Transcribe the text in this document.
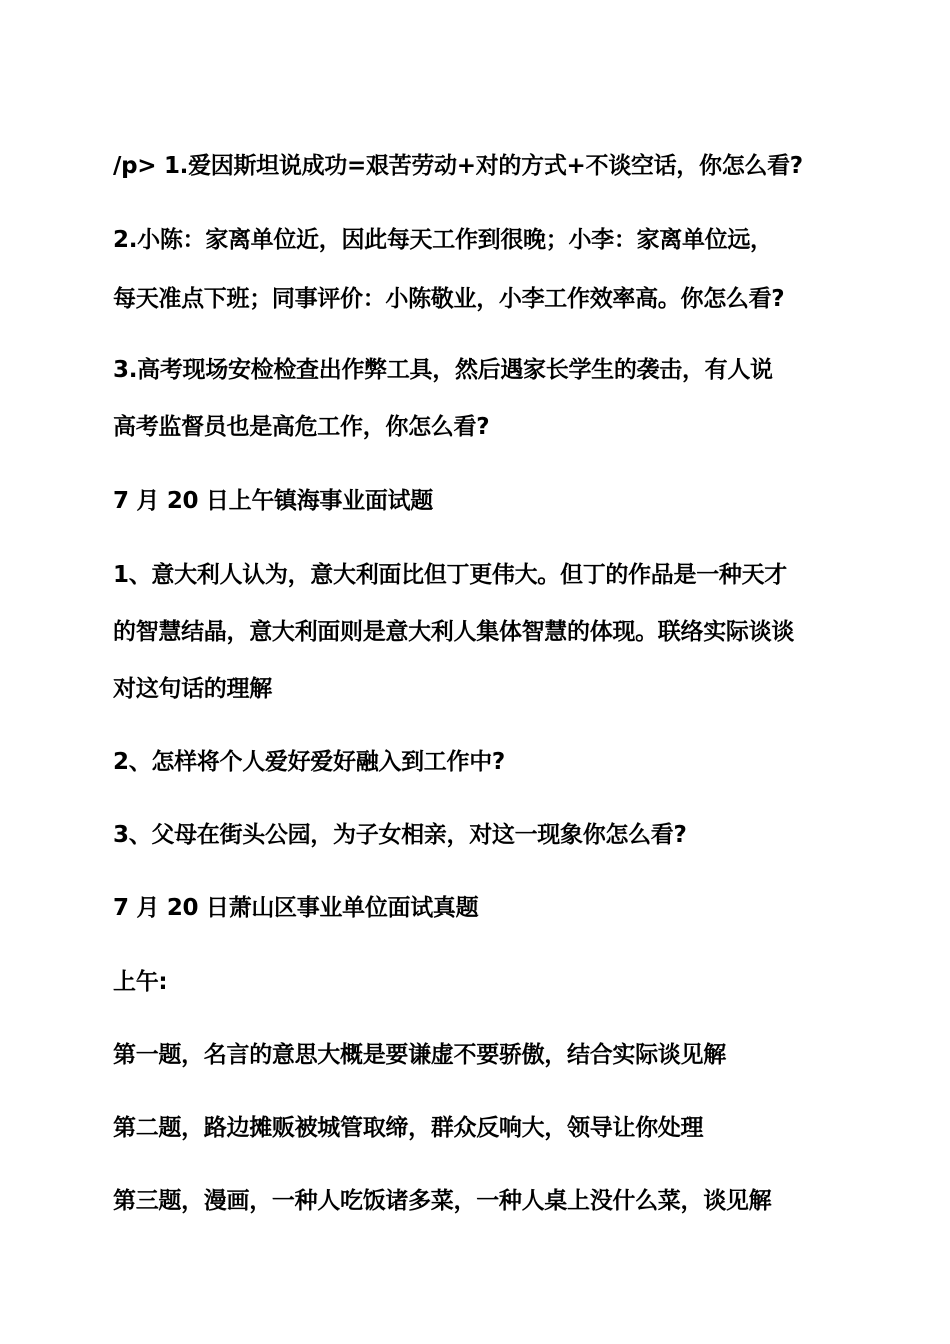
/p> 1.爱因斯坦说成功=艰苦劳动+对的方式+不谈空话，你怎么看?
2.小陈：家离单位近，因此每天工作到很晚；小李：家离单位远，
每天准点下班；同事评价：小陈敬业，小李工作效率高。你怎么看?
3.高考现场安检检查出作弊工具，然后遇家长学生的袭击，有人说
高考监督员也是高危工作，你怎么看?
7 月 20 日上午镇海事业面试题
1、意大利人认为，意大利面比但丁更伟大。但丁的作品是一种天才
的智慧结晶，意大利面则是意大利人集体智慧的体现。联络实际谈谈
对这句话的理解
2、怎样将个人爱好爱好融入到工作中?
3、父母在街头公园，为子女相亲，对这一现象你怎么看?
7 月 20 日萧山区事业单位面试真题
上午:
第一题，名言的意思大概是要谦虚不要骄傲，结合实际谈见解
第二题，路边摊贩被城管取缔，群众反响大，领导让你处理
第三题，漫画，一种人吃饭诸多菜，一种人桌上没什么菜，谈见解
